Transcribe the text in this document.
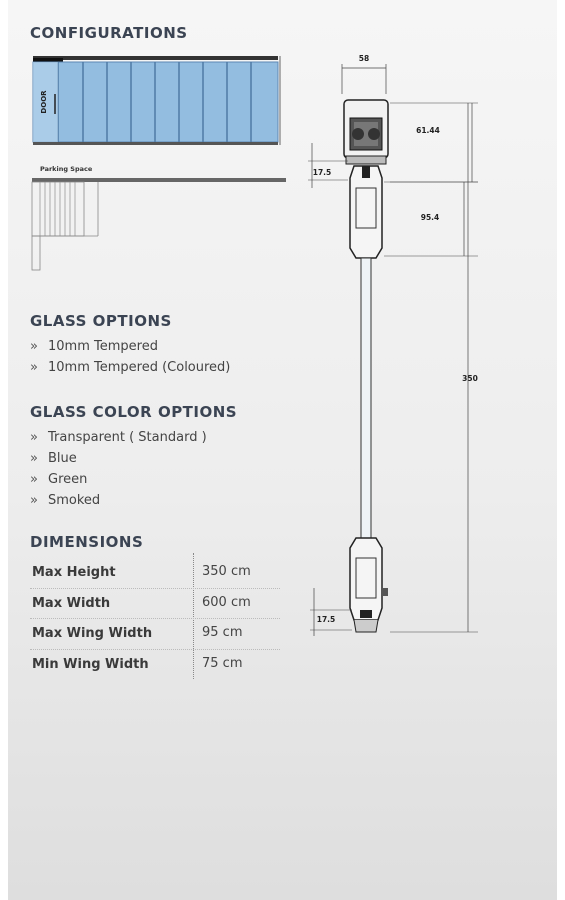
CONFIGURATIONS
DOOR
Parking Space
58
61.44
17.5
95.4
350
17.5
GLASS OPTIONS
» 10mm Tempered
» 10mm Tempered (Coloured)
GLASS COLOR OPTIONS
» Transparent ( Standard )
» Blue
» Green
» Smoked
DIMENSIONS
Max Height	350 cm
Max Width	600 cm
Max Wing Width	95 cm
Min Wing Width	75 cm
